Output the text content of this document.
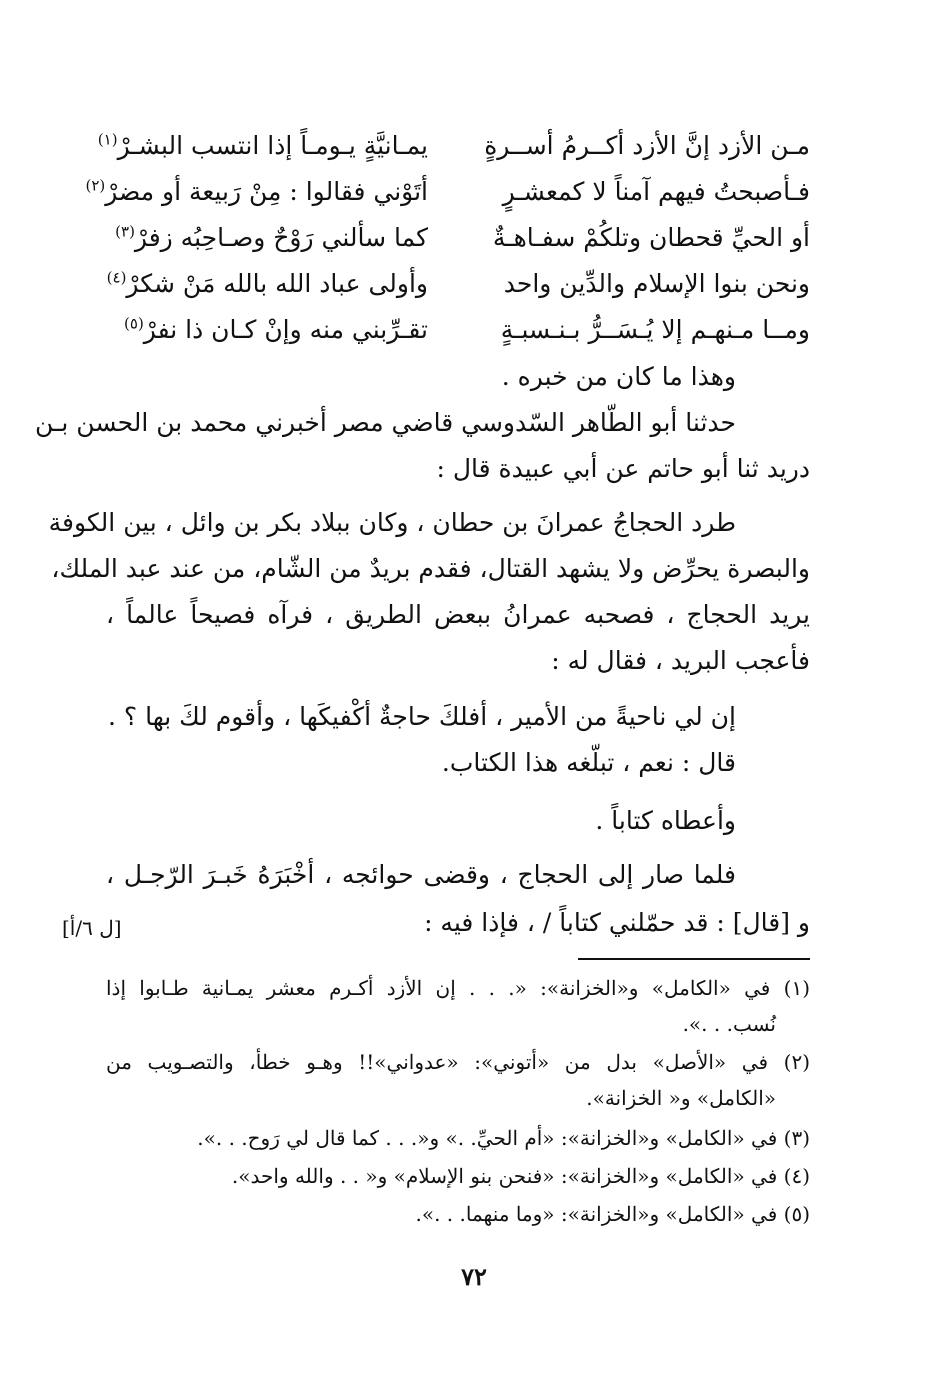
مـن الأزد إنَّ الأزد أكــرمُ أســرةٍ
يمـانيَّةٍ يـومـاً إذا انتسب البشـرْ$^{(١)}$
فـأصبحتُ فيهم آمناً لا كمعشـرٍ
أتَوْني فقالوا : مِنْ رَبيعة أو مضرْ$^{(٢)}$
أو الحيِّ قحطان وتلكُمْ سفـاهـةٌ
كما سألني رَوْحٌ وصـاحِبُه زفرْ$^{(٣)}$
ونحن بنوا الإسلام والدِّين واحد
وأولى عباد الله بالله مَنْ شكرْ$^{(٤)}$
ومــا مـنهـم إلا يُـسَــرُّ بـنـسبـةٍ
تقـرِّبني منه وإنْ كـان ذا نفرْ$^{(٥)}$
وهذا ما كان من خبره .
حدثنا أبو الطّاهر السّدوسي قاضي مصر أخبرني محمد بن الحسن بـن
دريد ثنا أبو حاتم عن أبي عبيدة قال :
طرد الحجاجُ عمرانَ بن حطان ، وكان ببلاد بكر بن وائل ، بين الكوفة
والبصرة يحرِّض ولا يشهد القتال، فقدم بريدٌ من الشّام، من عند عبد الملك،
يريد الحجاج ، فصحبه عمرانُ ببعض الطريق ، فرآه فصيحاً عالماً ،
فأعجب البريد ، فقال له :
إن لي ناحيةً من الأمير ، أفلكَ حاجةٌ أكْفيكَها ، وأقوم لكَ بها ؟ .
قال : نعم ، تبلّغه هذا الكتاب.
وأعطاه كتاباً .
فلما صار إلى الحجاج ، وقضى حوائجه ، أخْبَرَهُ خَبـرَ الرّجـل ،
و [قال] : قد حمّلني كتاباً / ، فإذا فيه :
[ل ٦/أ]
(١) في «الكامل» و«الخزانة»: «. . . إن الأزد أكـرم معشر يمـانية طـابوا إذا
نُسب. . .».
(٢) في «الأصل» بدل من «أتوني»: «عدواني»!! وهـو خطأ، والتصـويب من
«الكامل» و« الخزانة».
(٣) في «الكامل» و«الخزانة»: «أم الحيِّ. .» و«. . . كما قال لي رَوح. . .».
(٤) في «الكامل» و«الخزانة»: «فنحن بنو الإسلام» و« . . والله واحد».
(٥) في «الكامل» و«الخزانة»: «وما منهما. . .».
٧٢
